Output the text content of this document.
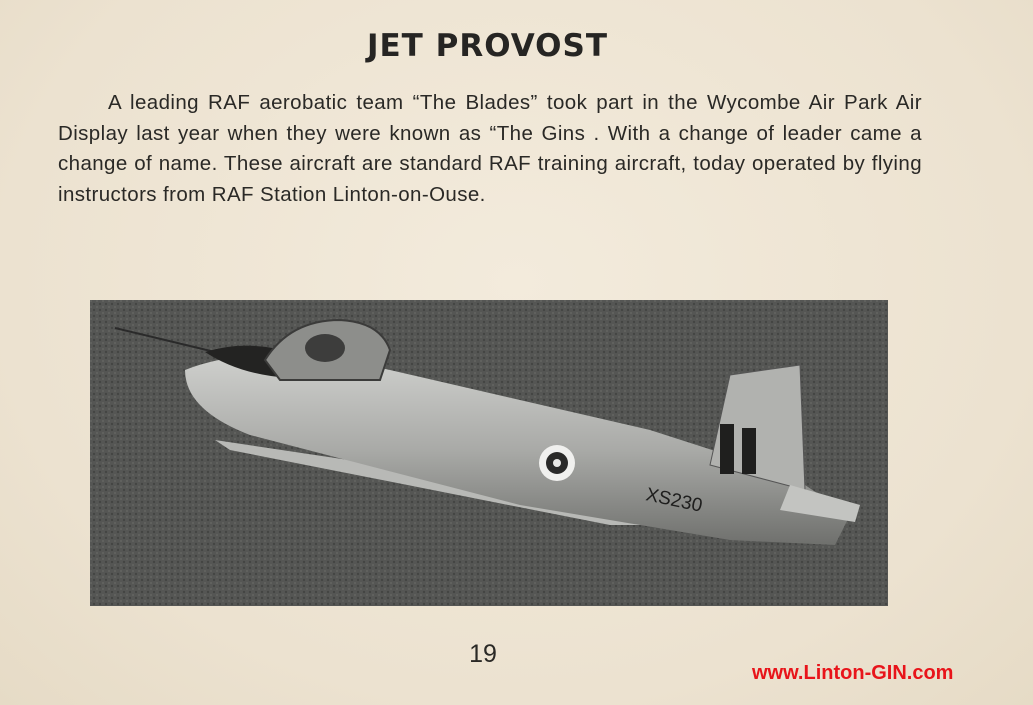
JET PROVOST
A leading RAF aerobatic team “The Blades” took part in the Wycombe Air Park Air Display last year when they were known as “The Gins . With a change of leader came a change of name. These aircraft are standard RAF training aircraft, today operated by flying instructors from RAF Station Linton-on-Ouse.
XS230
19
www.Linton-GIN.com
